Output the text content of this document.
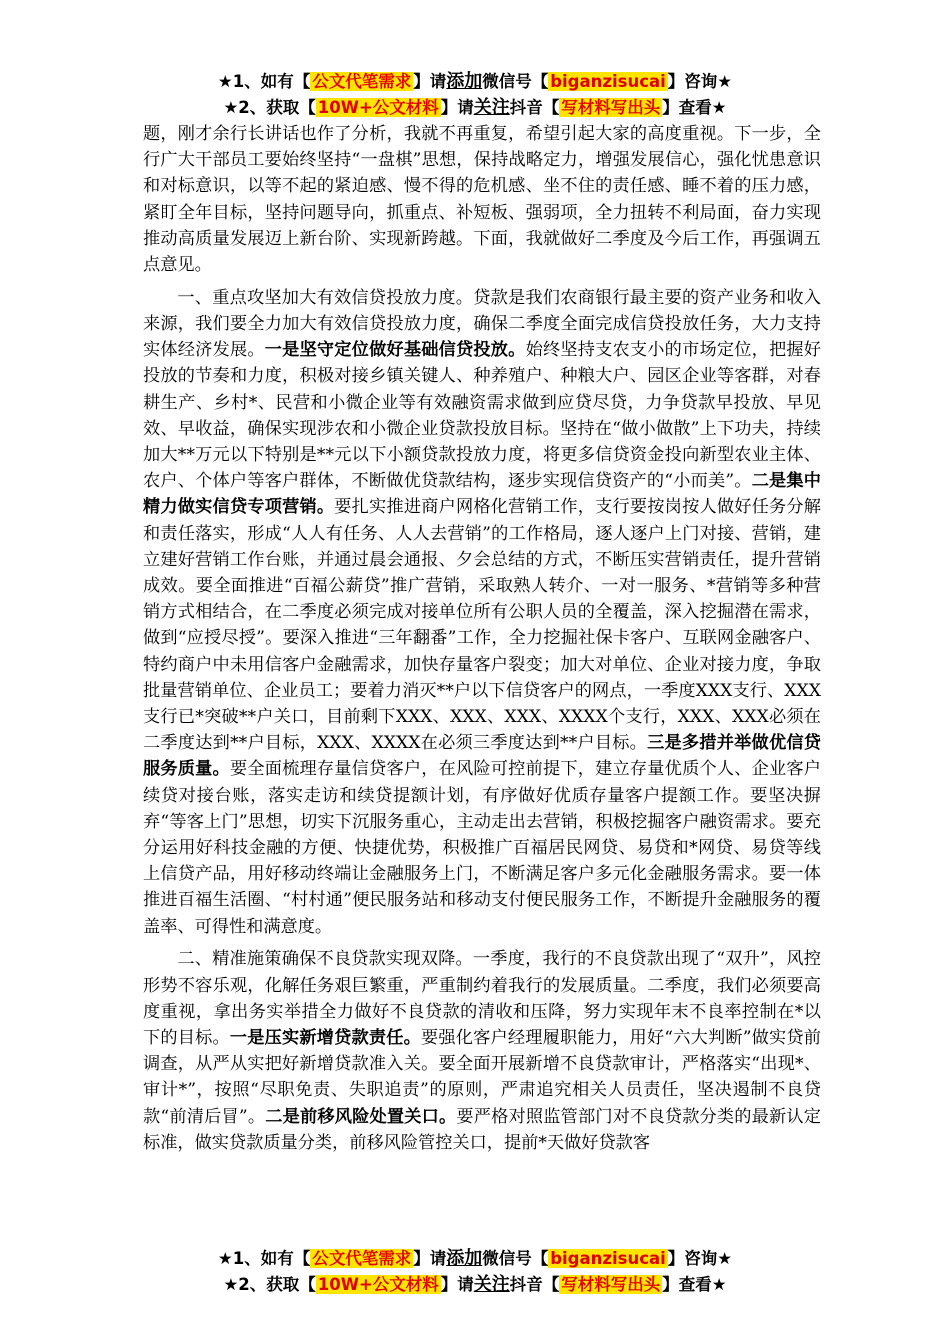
★1、如有【 公文代笔需求 】请添加微信号【 biganzisucai 】咨询★
★2、获取【 10W+公文材料 】请关注抖音【 写材料写出头 】查看★

题，刚才余行长讲话也作了分析，我就不再重复，希望引起大家的高度重视。下一步，全行广大干部员工要始终坚持“一盘棋”思想，保持战略定力，增强发展信心，强化忧患意识和对标意识，以等不起的紧迫感、慢不得的危机感、坐不住的责任感、睡不着的压力感，紧盯全年目标，坚持问题导向，抓重点、补短板、强弱项，全力扭转不利局面，奋力实现推动高质量发展迈上新台阶、实现新跨越。下面，我就做好二季度及今后工作，再强调五点意见。

一、重点攻坚加大有效信贷投放力度。贷款是我们农商银行最主要的资产业务和收入来源，我们要全力加大有效信贷投放力度，确保二季度全面完成信贷投放任务，大力支持实体经济发展。一是坚守定位做好基础信贷投放。始终坚持支农支小的市场定位，把握好投放的节奏和力度，积极对接乡镇关键人、种养殖户、种粮大户、园区企业等客群，对春耕生产、乡村*、民营和小微企业等有效融资需求做到应贷尽贷，力争贷款早投放、早见效、早收益，确保实现涉农和小微企业贷款投放目标。坚持在“做小做散”上下功夫，持续加大**万元以下特别是**元以下小额贷款投放力度，将更多信贷资金投向新型农业主体、农户、个体户等客户群体，不断做优贷款结构，逐步实现信贷资产的“小而美”。二是集中精力做实信贷专项营销。要扎实推进商户网格化营销工作，支行要按岗按人做好任务分解和责任落实，形成“人人有任务、人人去营销”的工作格局，逐人逐户上门对接、营销，建立建好营销工作台账，并通过晨会通报、夕会总结的方式，不断压实营销责任，提升营销成效。要全面推进“百福公薪贷”推广营销，采取熟人转介、一对一服务、*营销等多种营销方式相结合，在二季度必须完成对接单位所有公职人员的全覆盖，深入挖掘潜在需求，做到“应授尽授”。要深入推进“三年翻番”工作，全力挖掘社保卡客户、互联网金融客户、特约商户中未用信客户金融需求，加快存量客户裂变；加大对单位、企业对接力度，争取批量营销单位、企业员工；要着力消灭**户以下信贷客户的网点，一季度XXX支行、XXX支行已*突破**户关口，目前剩下XXX、XXX、XXX、XXXX个支行，XXX、XXX必须在二季度达到**户目标，XXX、XXXX在必须三季度达到**户目标。三是多措并举做优信贷服务质量。要全面梳理存量信贷客户，在风险可控前提下，建立存量优质个人、企业客户续贷对接台账，落实走访和续贷提额计划，有序做好优质存量客户提额工作。要坚决摒弃“等客上门”思想，切实下沉服务重心，主动走出去营销，积极挖掘客户融资需求。要充分运用好科技金融的方便、快捷优势，积极推广百福居民网贷、易贷和*网贷、易贷等线上信贷产品，用好移动终端让金融服务上门，不断满足客户多元化金融服务需求。要一体推进百福生活圈、“村村通”便民服务站和移动支付便民服务工作，不断提升金融服务的覆盖率、可得性和满意度。

二、精准施策确保不良贷款实现双降。一季度，我行的不良贷款出现了“双升”，风控形势不容乐观，化解任务艰巨繁重，严重制约着我行的发展质量。二季度，我们必须要高度重视，拿出务实举措全力做好不良贷款的清收和压降，努力实现年末不良率控制在*以下的目标。一是压实新增贷款责任。要强化客户经理履职能力，用好“六大判断”做实贷前调查，从严从实把好新增贷款准入关。要全面开展新增不良贷款审计，严格落实“出现*、审计*”，按照“尽职免责、失职追责”的原则，严肃追究相关人员责任，坚决遏制不良贷款“前清后冒”。二是前移风险处置关口。要严格对照监管部门对不良贷款分类的最新认定标准，做实贷款质量分类，前移风险管控关口，提前*天做好贷款客

★1、如有【 公文代笔需求 】请添加微信号【 biganzisucai 】咨询★
★2、获取【 10W+公文材料 】请关注抖音【 写材料写出头 】查看★
